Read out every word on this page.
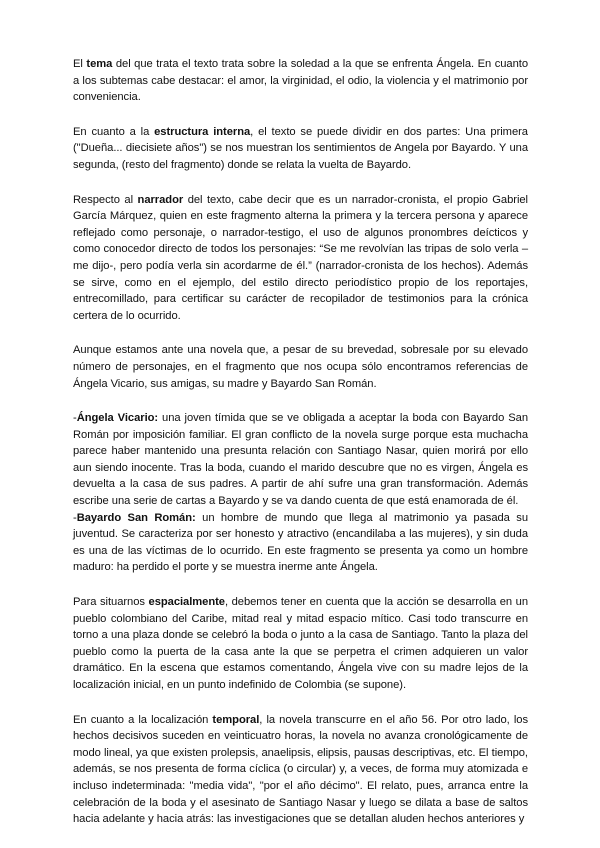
El tema del que trata el texto trata sobre la soledad a la que se enfrenta Ángela. En cuanto a los subtemas cabe destacar: el amor, la virginidad, el odio, la violencia y el matrimonio por conveniencia.

En cuanto a la estructura interna, el texto se puede dividir en dos partes: Una primera ("Dueña... diecisiete años") se nos muestran los sentimientos de Angela por Bayardo. Y una segunda, (resto del fragmento) donde se relata la vuelta de Bayardo.

Respecto al narrador del texto, cabe decir que es un narrador-cronista, el propio Gabriel García Márquez, quien en este fragmento alterna la primera y la tercera persona y aparece reflejado como personaje, o narrador-testigo, el uso de algunos pronombres deícticos y como conocedor directo de todos los personajes: “Se me revolvían las tripas de solo verla –me dijo-, pero podía verla sin acordarme de él.” (narrador-cronista de los hechos). Además se sirve, como en el ejemplo, del estilo directo periodístico propio de los reportajes, entrecomillado, para certificar su carácter de recopilador de testimonios para la crónica certera de lo ocurrido.

Aunque estamos ante una novela que, a pesar de su brevedad, sobresale por su elevado número de personajes, en el fragmento que nos ocupa sólo encontramos referencias de Ángela Vicario, sus amigas, su madre y Bayardo San Román.

-Ángela Vicario: una joven tímida que se ve obligada a aceptar la boda con Bayardo San Román por imposición familiar. El gran conflicto de la novela surge porque esta muchacha parece haber mantenido una presunta relación con Santiago Nasar, quien morirá por ello aun siendo inocente. Tras la boda, cuando el marido descubre que no es virgen, Ángela es devuelta a la casa de sus padres. A partir de ahí sufre una gran transformación. Además escribe una serie de cartas a Bayardo y se va dando cuenta de que está enamorada de él.

-Bayardo San Román: un hombre de mundo que llega al matrimonio ya pasada su juventud. Se caracteriza por ser honesto y atractivo (encandilaba a las mujeres), y sin duda es una de las víctimas de lo ocurrido. En este fragmento se presenta ya como un hombre maduro: ha perdido el porte y se muestra inerme ante Ángela.

Para situarnos espacialmente, debemos tener en cuenta que la acción se desarrolla en un pueblo colombiano del Caribe, mitad real y mitad espacio mítico. Casi todo transcurre en torno a una plaza donde se celebró la boda o junto a la casa de Santiago. Tanto la plaza del pueblo como la puerta de la casa ante la que se perpetra el crimen adquieren un valor dramático. En la escena que estamos comentando, Ángela vive con su madre lejos de la localización inicial, en un punto indefinido de Colombia (se supone).

En cuanto a la localización temporal, la novela transcurre en el año 56. Por otro lado, los hechos decisivos suceden en veinticuatro horas, la novela no avanza cronológicamente de modo lineal, ya que existen prolepsis, anaelipsis, elipsis, pausas descriptivas, etc. El tiempo, además, se nos presenta de forma cíclica (o circular) y, a veces, de forma muy atomizada e incluso indeterminada: "media vida", "por el año décimo". El relato, pues, arranca entre la celebración de la boda y el asesinato de Santiago Nasar y luego se dilata a base de saltos hacia adelante y hacia atrás: las investigaciones que se detallan aluden hechos anteriores y
